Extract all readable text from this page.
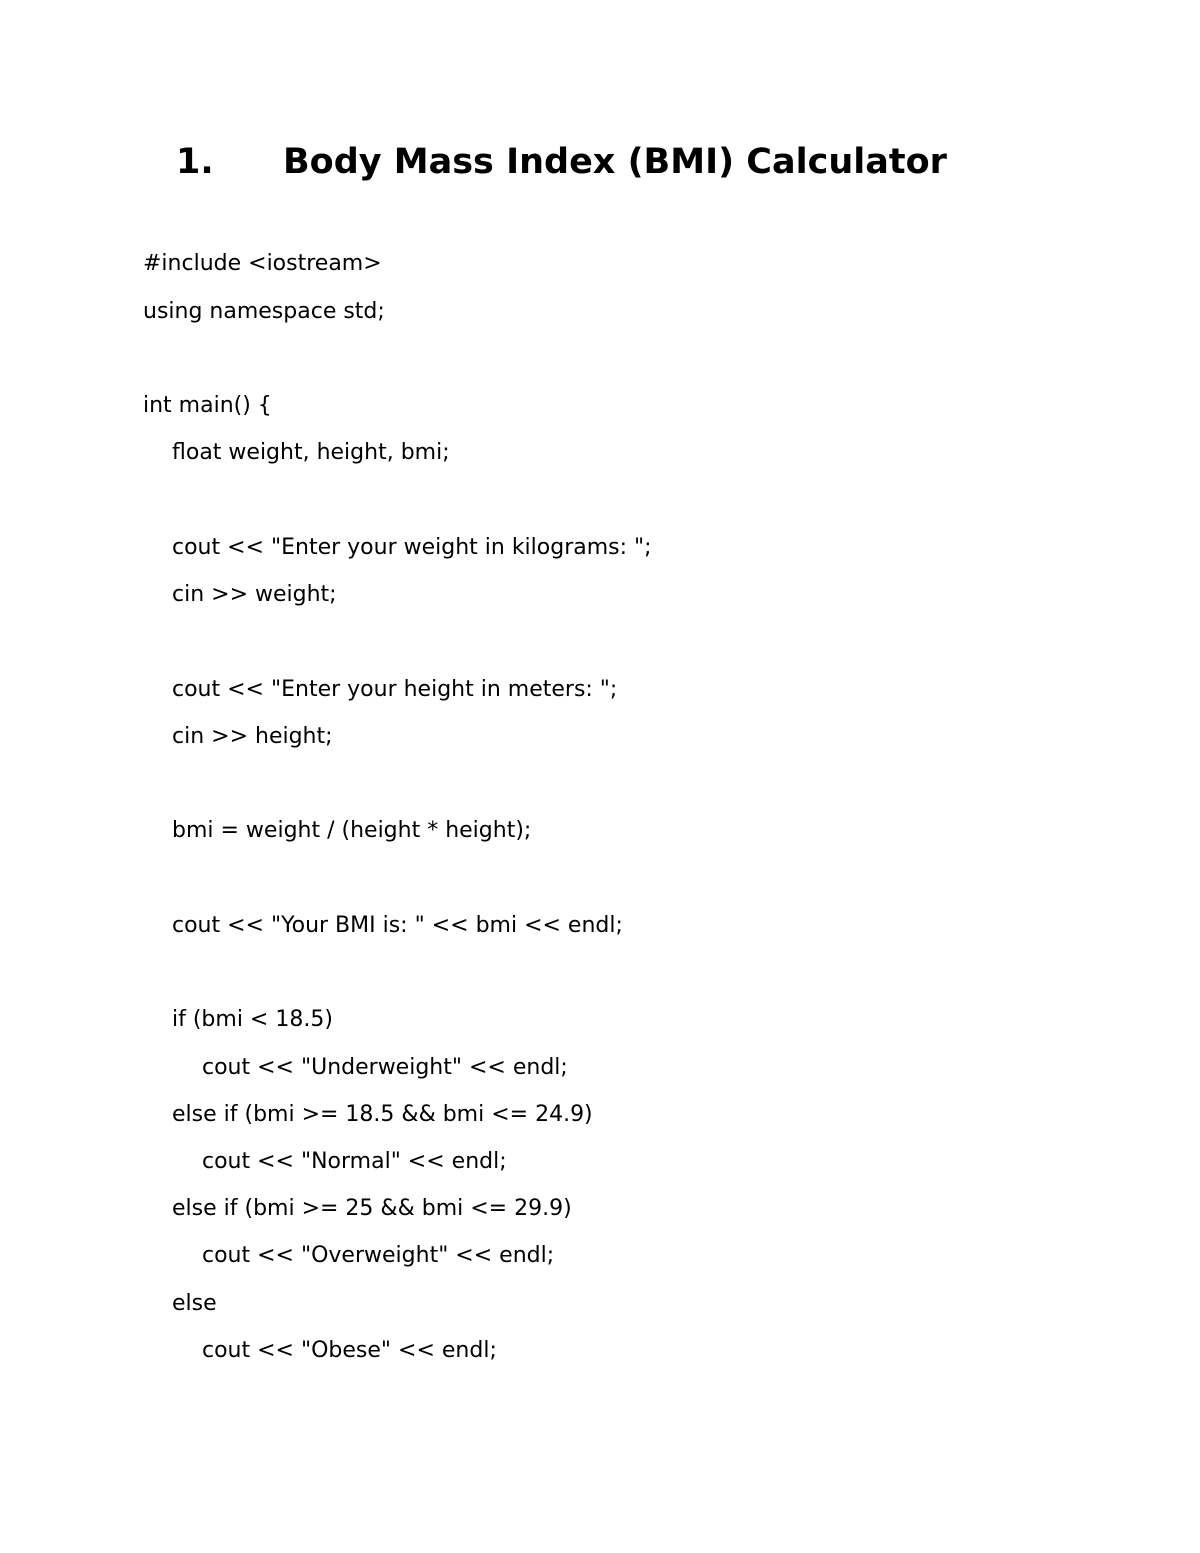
1. Body Mass Index (BMI) Calculator
#include <iostream>
using namespace std;
int main() {
float weight, height, bmi;
cout << "Enter your weight in kilograms: ";
cin >> weight;
cout << "Enter your height in meters: ";
cin >> height;
bmi = weight / (height * height);
cout << "Your BMI is: " << bmi << endl;
if (bmi < 18.5)
cout << "Underweight" << endl;
else if (bmi >= 18.5 && bmi <= 24.9)
cout << "Normal" << endl;
else if (bmi >= 25 && bmi <= 29.9)
cout << "Overweight" << endl;
else
cout << "Obese" << endl;
